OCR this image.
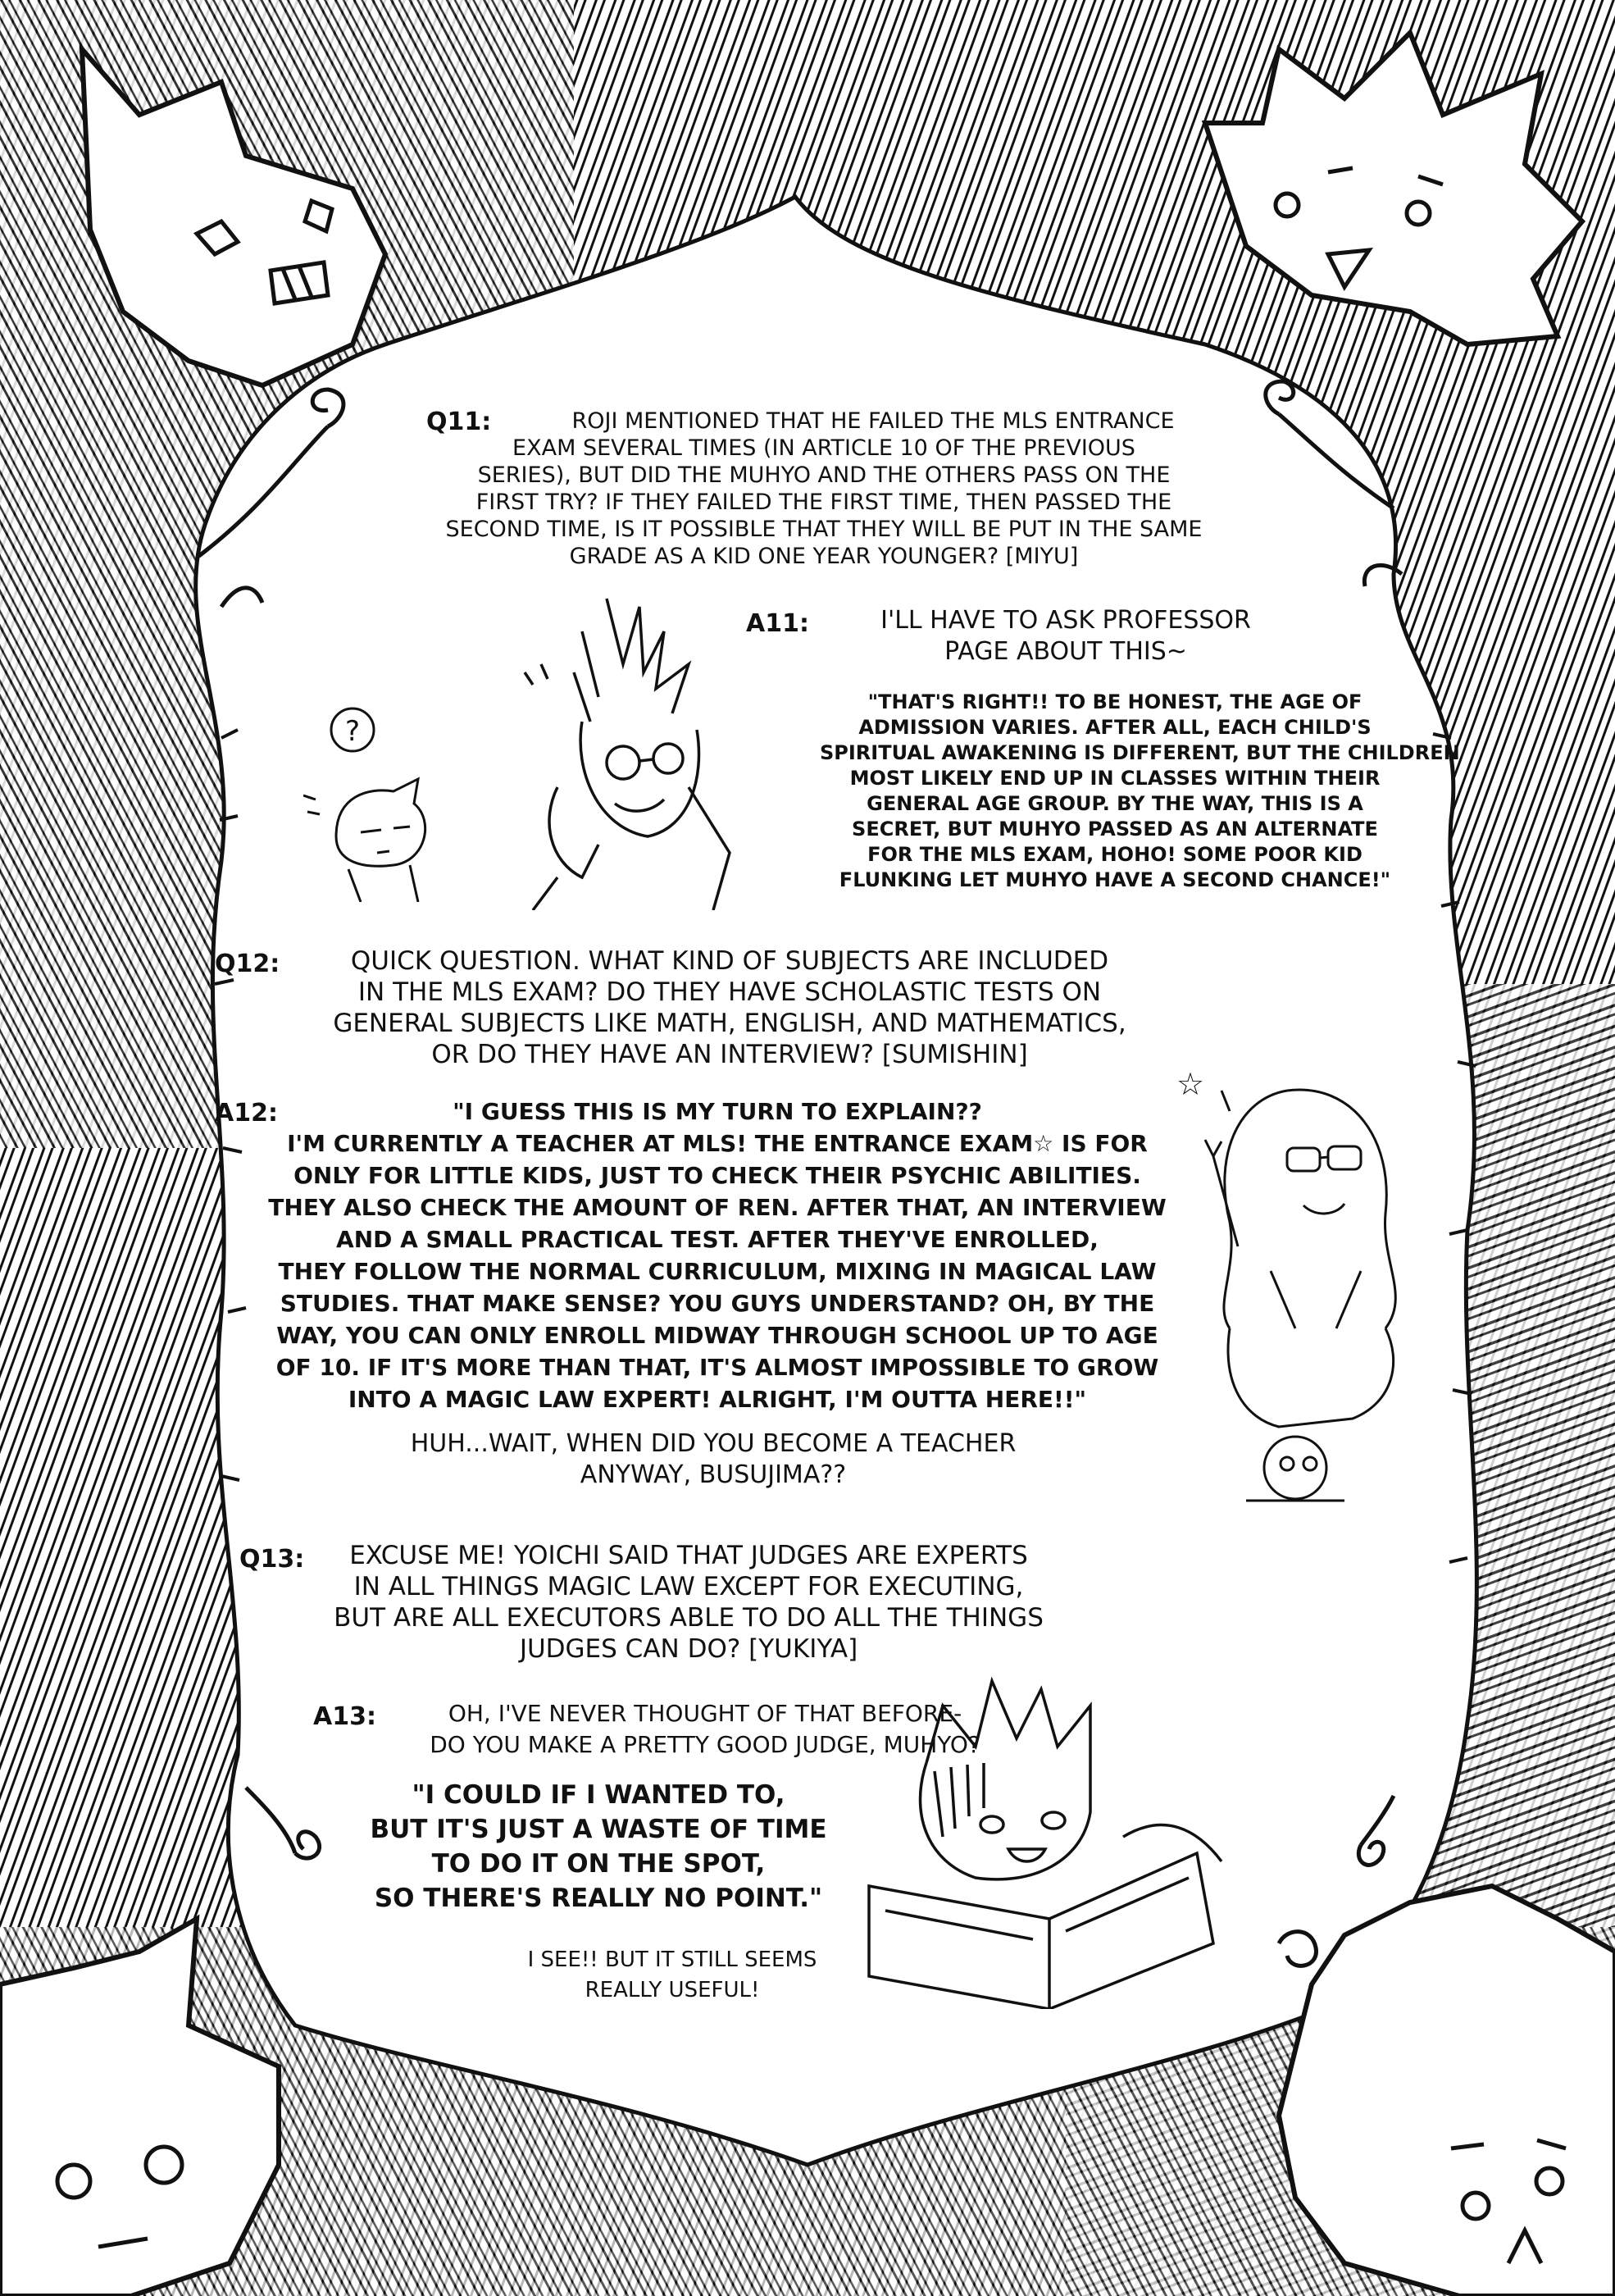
Q11:	ROJI MENTIONED THAT HE FAILED THE MLS ENTRANCE
EXAM SEVERAL TIMES (IN ARTICLE 10 OF THE PREVIOUS
SERIES), BUT DID THE MUHYO AND THE OTHERS PASS ON THE
FIRST TRY? IF THEY FAILED THE FIRST TIME, THEN PASSED THE
SECOND TIME, IS IT POSSIBLE THAT THEY WILL BE PUT IN THE SAME
GRADE AS A KID ONE YEAR YOUNGER? [MIYU]
A11:	I'LL HAVE TO ASK PROFESSOR
PAGE ABOUT THIS~
"THAT'S RIGHT!! TO BE HONEST, THE AGE OF
ADMISSION VARIES. AFTER ALL, EACH CHILD'S
SPIRITUAL AWAKENING IS DIFFERENT, BUT THE CHILDREN
MOST LIKELY END UP IN CLASSES WITHIN THEIR
GENERAL AGE GROUP. BY THE WAY, THIS IS A
SECRET, BUT MUHYO PASSED AS AN ALTERNATE
FOR THE MLS EXAM, HOHO! SOME POOR KID
FLUNKING LET MUHYO HAVE A SECOND CHANCE!"
?
Q12:	QUICK QUESTION. WHAT KIND OF SUBJECTS ARE INCLUDED
IN THE MLS EXAM? DO THEY HAVE SCHOLASTIC TESTS ON
GENERAL SUBJECTS LIKE MATH, ENGLISH, AND MATHEMATICS,
OR DO THEY HAVE AN INTERVIEW? [SUMISHIN]
A12:	"I GUESS THIS IS MY TURN TO EXPLAIN??
I'M CURRENTLY A TEACHER AT MLS! THE ENTRANCE EXAM☆ IS FOR
ONLY FOR LITTLE KIDS, JUST TO CHECK THEIR PSYCHIC ABILITIES.
THEY ALSO CHECK THE AMOUNT OF REN. AFTER THAT, AN INTERVIEW
AND A SMALL PRACTICAL TEST. AFTER THEY'VE ENROLLED,
THEY FOLLOW THE NORMAL CURRICULUM, MIXING IN MAGICAL LAW
STUDIES. THAT MAKE SENSE? YOU GUYS UNDERSTAND? OH, BY THE
WAY, YOU CAN ONLY ENROLL MIDWAY THROUGH SCHOOL UP TO AGE
OF 10. IF IT'S MORE THAN THAT, IT'S ALMOST IMPOSSIBLE TO GROW
INTO A MAGIC LAW EXPERT! ALRIGHT, I'M OUTTA HERE!!"
HUH...WAIT, WHEN DID YOU BECOME A TEACHER
ANYWAY, BUSUJIMA??
☆
Q13:	EXCUSE ME! YOICHI SAID THAT JUDGES ARE EXPERTS
IN ALL THINGS MAGIC LAW EXCEPT FOR EXECUTING,
BUT ARE ALL EXECUTORS ABLE TO DO ALL THE THINGS
JUDGES CAN DO? [YUKIYA]
A13:	OH, I'VE NEVER THOUGHT OF THAT BEFORE-
DO YOU MAKE A PRETTY GOOD JUDGE, MUHYO?
"I COULD IF I WANTED TO,
BUT IT'S JUST A WASTE OF TIME
TO DO IT ON THE SPOT,
SO THERE'S REALLY NO POINT."
I SEE!! BUT IT STILL SEEMS
REALLY USEFUL!
